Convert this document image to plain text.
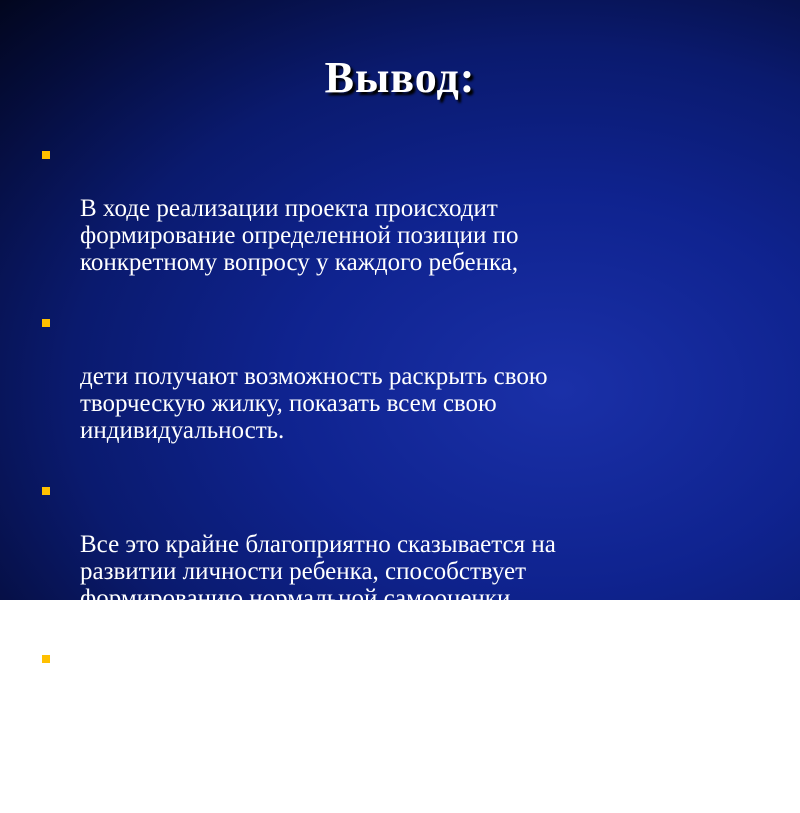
Вывод:

В ходе реализации проекта происходит
формирование определенной позиции по
конкретному вопросу у каждого ребенка,

дети получают возможность раскрыть свою
творческую жилку, показать всем свою
индивидуальность.

Все это крайне благоприятно сказывается на
развитии личности ребенка, способствует
формированию нормальной самооценки.

Проще говоря, проекты идеально подготавливают
дошкольников к их дальнейшему обучению в
школе
